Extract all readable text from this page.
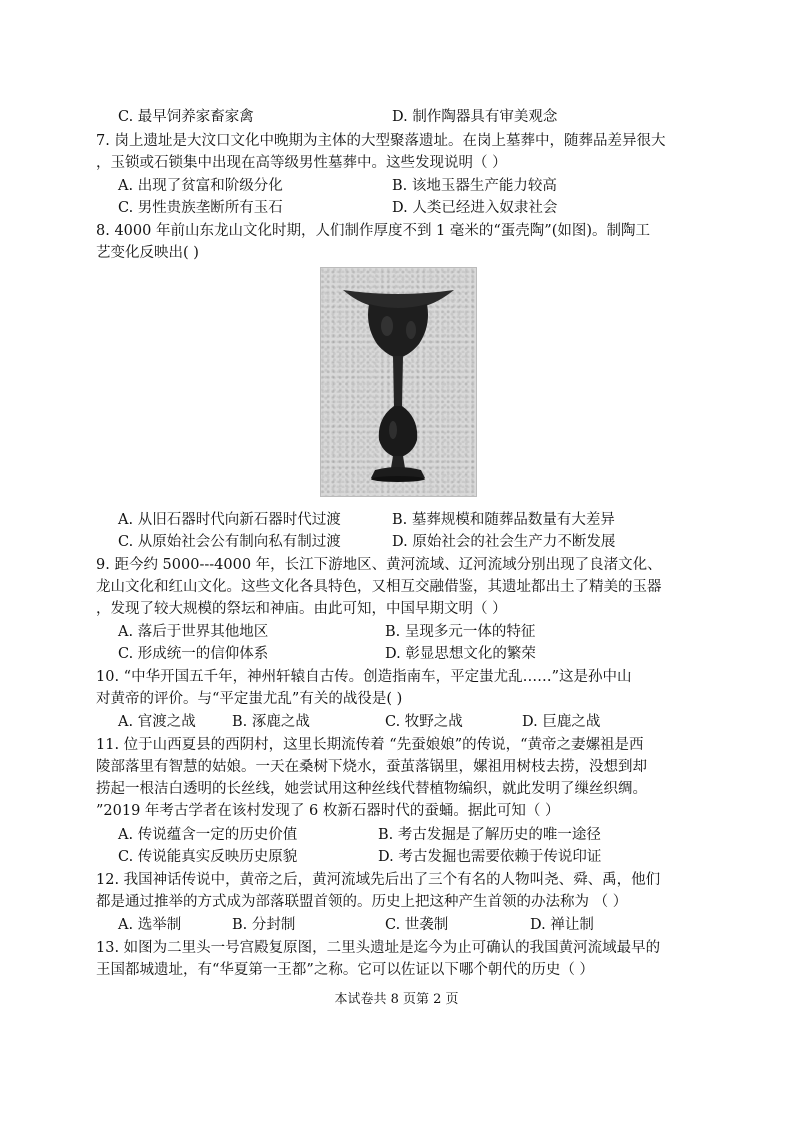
C. 最早饲养家畜家禽	D. 制作陶器具有审美观念
7. 岗上遗址是大汶口文化中晚期为主体的大型聚落遗址。在岗上墓葬中，随葬品差异很大
，玉锁或石锁集中出现在高等级男性墓葬中。这些发现说明（ ）
A. 出现了贫富和阶级分化	B. 该地玉器生产能力较高
C. 男性贵族垄断所有玉石	D. 人类已经进入奴隶社会
8. 4000 年前山东龙山文化时期，人们制作厚度不到 1 毫米的“蛋壳陶”(如图)。制陶工
艺变化反映出( )
A. 从旧石器时代向新石器时代过渡	B. 墓葬规模和随葬品数量有大差异
C. 从原始社会公有制向私有制过渡	D. 原始社会的社会生产力不断发展
9. 距今约 5000---4000 年，长江下游地区、黄河流域、辽河流域分别出现了良渚文化、
龙山文化和红山文化。这些文化各具特色，又相互交融借鉴，其遗址都出土了精美的玉器
，发现了较大规模的祭坛和神庙。由此可知，中国早期文明（ ）
A. 落后于世界其他地区	B. 呈现多元一体的特征
C. 形成统一的信仰体系	D. 彰显思想文化的繁荣
10. “中华开国五千年，神州轩辕自古传。创造指南车，平定蚩尤乱……”这是孙中山
对黄帝的评价。与“平定蚩尤乱”有关的战役是( )
A. 官渡之战	B. 涿鹿之战	C. 牧野之战	D. 巨鹿之战
11. 位于山西夏县的西阴村，这里长期流传着 “先蚕娘娘”的传说，“黄帝之妻嫘祖是西
陵部落里有智慧的姑娘。一天在桑树下烧水，蚕茧落锅里，嫘祖用树枝去捞，没想到却
捞起一根洁白透明的长丝线，她尝试用这种丝线代替植物编织，就此发明了缫丝织绸。
”2019 年考古学者在该村发现了 6 枚新石器时代的蚕蛹。据此可知（ ）
A. 传说蕴含一定的历史价值	B. 考古发掘是了解历史的唯一途径
C. 传说能真实反映历史原貌	D. 考古发掘也需要依赖于传说印证
12. 我国神话传说中，黄帝之后，黄河流域先后出了三个有名的人物叫尧、舜、禹，他们
都是通过推举的方式成为部落联盟首领的。历史上把这种产生首领的办法称为 （ ）
A. 选举制	B. 分封制	C. 世袭制	D. 禅让制
13. 如图为二里头一号宫殿复原图，二里头遗址是迄今为止可确认的我国黄河流域最早的
王国都城遗址，有“华夏第一王都”之称。它可以佐证以下哪个朝代的历史（ ）
本试卷共 8 页第 2 页
